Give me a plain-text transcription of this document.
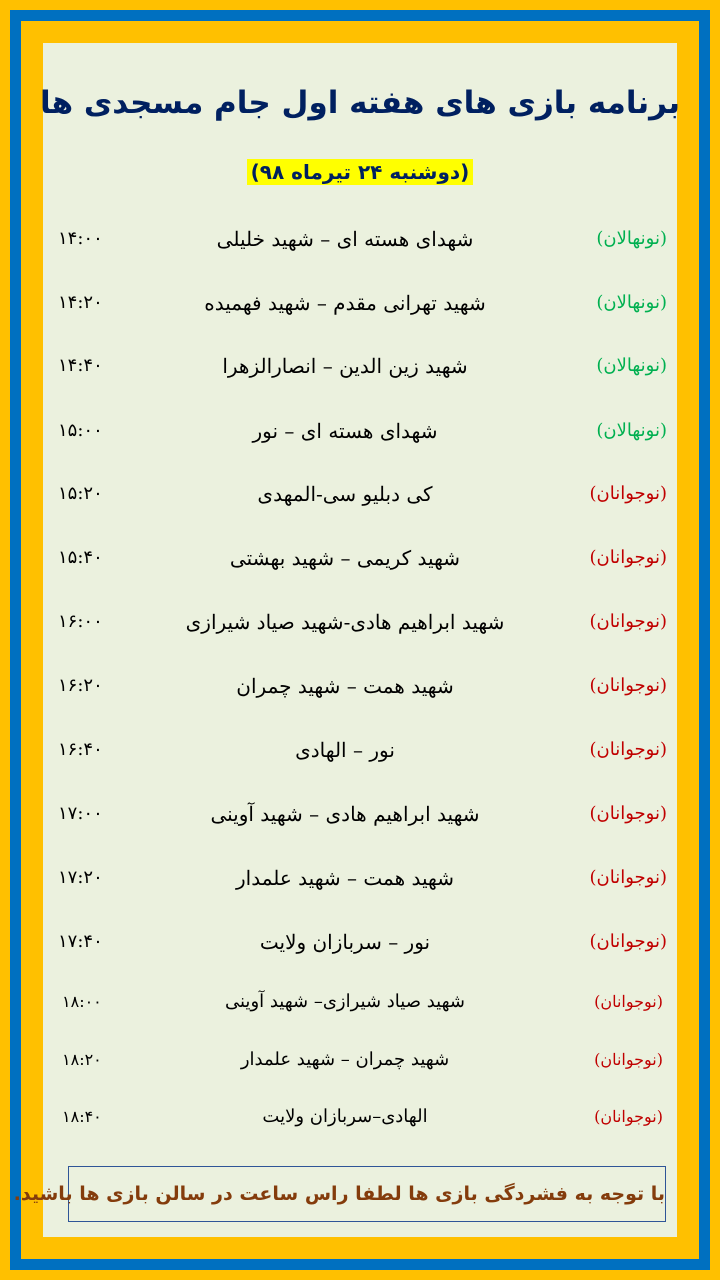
برنامه بازی های هفته اول جام مسجدی ها
(دوشنبه ۲۴ تیرماه ۹۸)
(نونهالان)
شهدای هسته ای – شهید خلیلی
۱۴:۰۰
(نونهالان)
شهید تهرانی مقدم – شهید فهمیده
۱۴:۲۰
(نونهالان)
شهید زین الدین – انصارالزهرا
۱۴:۴۰
(نونهالان)
شهدای هسته ای – نور
۱۵:۰۰
(نوجوانان)
کی دبلیو سی-المهدی
۱۵:۲۰
(نوجوانان)
شهید کریمی – شهید بهشتی
۱۵:۴۰
(نوجوانان)
شهید ابراهیم هادی-شهید صیاد شیرازی
۱۶:۰۰
(نوجوانان)
شهید همت – شهید چمران
۱۶:۲۰
(نوجوانان)
نور – الهادی
۱۶:۴۰
(نوجوانان)
شهید ابراهیم هادی – شهید آوینی
۱۷:۰۰
(نوجوانان)
شهید همت – شهید علمدار
۱۷:۲۰
(نوجوانان)
نور – سربازان ولایت
۱۷:۴۰
(نوجوانان)
شهید صیاد شیرازی– شهید آوینی
۱۸:۰۰
(نوجوانان)
شهید چمران – شهید علمدار
۱۸:۲۰
(نوجوانان)
الهادی–سربازان ولایت
۱۸:۴۰
با توجه به فشردگی بازی ها لطفا راس ساعت در سالن بازی ها باشید.
